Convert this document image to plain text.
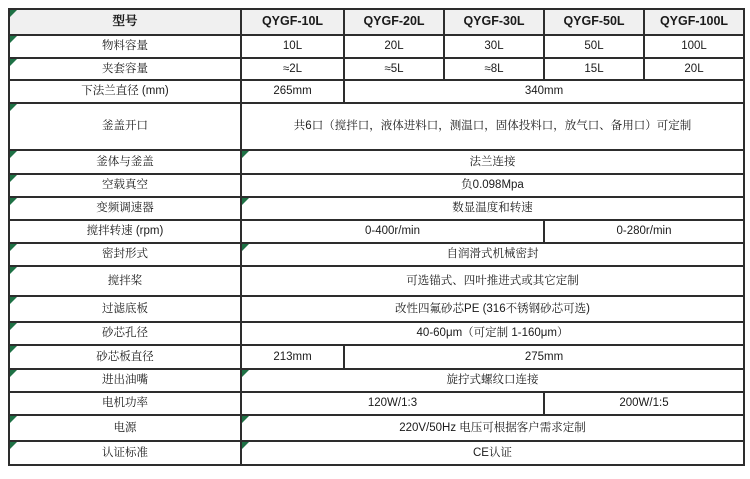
型号	QYGF-10L	QYGF-20L	QYGF-30L	QYGF-50L	QYGF-100L
物料容量	10L	20L	30L	50L	100L
夹套容量	≈2L	≈5L	≈8L	15L	20L
下法兰直径 (mm)	265mm	340mm			
釜盖开口	共6口（搅拌口，液体进料口，测温口，固体投料口，放气口、备用口）可定制				
釜体与釜盖	法兰连接				

空载真空	负0.098Mpa				
变频调速器	数显温度和转速				

搅拌转速 (rpm)	0-400r/min			0-280r/min	
密封形式	自润滑式机械密封				

搅拌桨	可选锚式、四叶推进式或其它定制				
过滤底板	改性四氟砂芯PE (316不锈钢砂芯可选)				
砂芯孔径	40-60μm（可定制 1-160μm）				
砂芯板直径	213mm	275mm			
进出油嘴	旋拧式螺纹口连接				

电机功率	120W/1:3			200W/1:5	
电源	220V/50Hz 电压可根据客户需求定制				

认证标准	CE认证				
